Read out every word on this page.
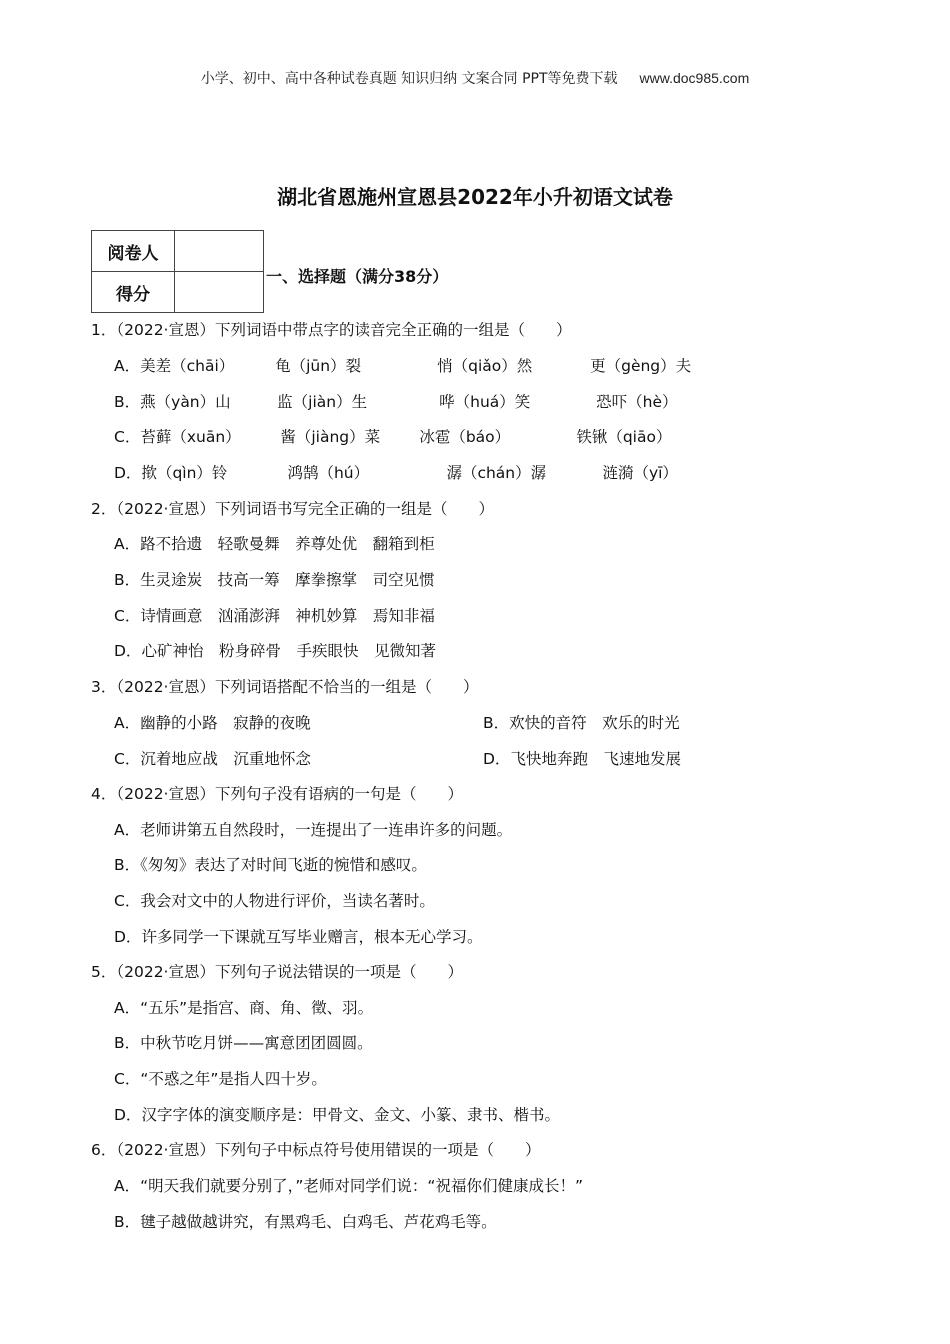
小学、初中、高中各种试卷真题 知识归纳 文案合同 PPT等免费下载 www.doc985.com
湖北省恩施州宣恩县2022年小升初语文试卷
阅卷人	
得分	
一、选择题（满分38分）
1．（2022·宣恩）下列词语中带点字的读音完全正确的一组是（　　）
A．美差（chāi）	龟（jūn）裂	悄（qiǎo）然	更（gèng）夫
B．燕（yàn）山	监（jiàn）生	哗（huá）笑	恐吓（hè）
C．苔藓（xuān）	酱（jiàng）菜	冰雹（báo）	铁锹（qiāo）
D．揿（qìn）铃	鸿鹄（hú）	潺（chán）潺	涟漪（yī）
2．（2022·宣恩）下列词语书写完全正确的一组是（　　）
A．路不拾遗　轻歌曼舞　养尊处优　翻箱到柜
B．生灵途炭　技高一筹　摩拳擦掌　司空见惯
C．诗情画意　汹涌澎湃　神机妙算　焉知非福
D．心矿神怡　粉身碎骨　手疾眼快　见微知著
3．（2022·宣恩）下列词语搭配不恰当的一组是（　　）
A．幽静的小路　寂静的夜晚	B．欢快的音符　欢乐的时光
C．沉着地应战　沉重地怀念	D．飞快地奔跑　飞速地发展
4．（2022·宣恩）下列句子没有语病的一句是（　　）
A．老师讲第五自然段时，一连提出了一连串许多的问题。
B．《匆匆》表达了对时间飞逝的惋惜和感叹。
C．我会对文中的人物进行评价，当读名著时。
D．许多同学一下课就互写毕业赠言，根本无心学习。
5．（2022·宣恩）下列句子说法错误的一项是（　　）
A．“五乐”是指宫、商、角、徵、羽。
B．中秋节吃月饼——寓意团团圆圆。
C．“不惑之年”是指人四十岁。
D．汉字字体的演变顺序是：甲骨文、金文、小篆、隶书、楷书。
6．（2022·宣恩）下列句子中标点符号使用错误的一项是（　　）
A．“明天我们就要分别了，”老师对同学们说：“祝福你们健康成长！”
B．毽子越做越讲究，有黑鸡毛、白鸡毛、芦花鸡毛等。
